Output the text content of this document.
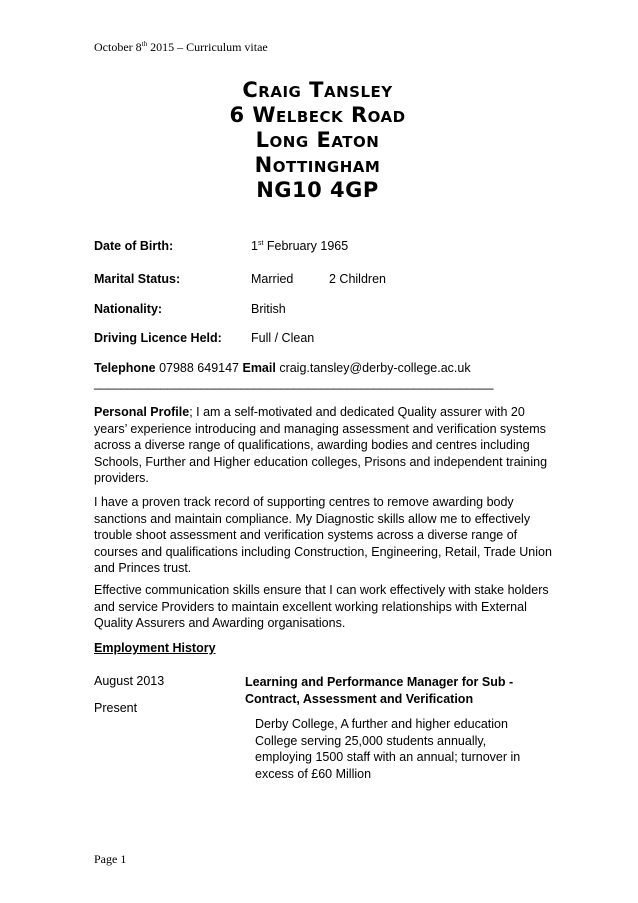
October 8th 2015 – Curriculum vitae
Craig Tansley
6 Welbeck Road
Long Eaton
Nottingham
NG10 4GP
Date of Birth:	1st February 1965
Marital Status:	Married	2 Children
Nationality:	British
Driving Licence Held: Full / Clean
Telephone 07988 649147 Email craig.tansley@derby-college.ac.uk
____________________________________________________________
Personal Profile; I am a self-motivated and dedicated Quality assurer with 20 years’ experience introducing and managing assessment and verification systems across a diverse range of qualifications, awarding bodies and centres including Schools, Further and Higher education colleges, Prisons and independent training providers.
I have a proven track record of supporting centres to remove awarding body sanctions and maintain compliance. My Diagnostic skills allow me to effectively trouble shoot assessment and verification systems across a diverse range of courses and qualifications including Construction, Engineering, Retail, Trade Union and Princes trust.
Effective communication skills ensure that I can work effectively with stake holders and service Providers to maintain excellent working relationships with External Quality Assurers and Awarding organisations.
Employment History
August 2013	Learning and Performance Manager for Sub - Contract, Assessment and Verification
Present
Derby College, A further and higher education College serving 25,000 students annually, employing 1500 staff with an annual; turnover in excess of £60 Million
Page 1
